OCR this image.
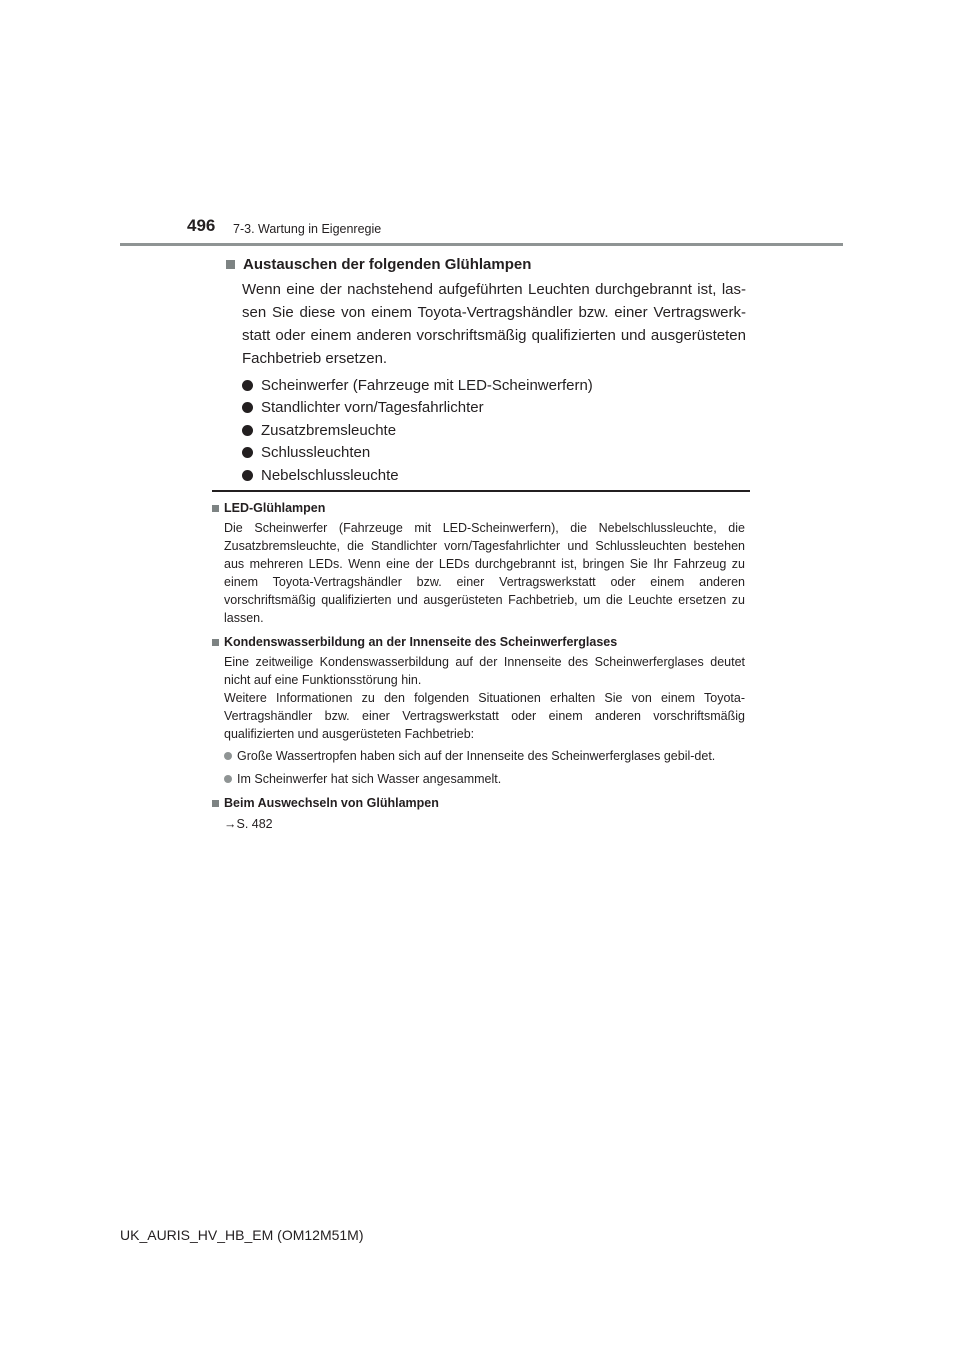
496 7-3. Wartung in Eigenregie
Austauschen der folgenden Glühlampen

Wenn eine der nachstehend aufgeführten Leuchten durchgebrannt ist, las-sen Sie diese von einem Toyota-Vertragshändler bzw. einer Vertragswerk-statt oder einem anderen vorschriftsmäßig qualifizierten und ausgerüsteten Fachbetrieb ersetzen.

Scheinwerfer (Fahrzeuge mit LED-Scheinwerfern)
Standlichter vorn/Tagesfahrlichter
Zusatzbremsleuchte
Schlussleuchten
Nebelschlussleuchte
LED-Glühlampen
Die Scheinwerfer (Fahrzeuge mit LED-Scheinwerfern), die Nebelschlussleuchte, die Zusatzbremsleuchte, die Standlichter vorn/Tagesfahrlichter und Schlussleuchten bestehen aus mehreren LEDs. Wenn eine der LEDs durchgebrannt ist, bringen Sie Ihr Fahrzeug zu einem Toyota-Vertragshändler bzw. einer Vertragswerkstatt oder einem anderen vorschriftsmäßig qualifizierten und ausgerüsteten Fachbetrieb, um die Leuchte ersetzen zu lassen.
Kondenswasserbildung an der Innenseite des Scheinwerferglases
Eine zeitweilige Kondenswasserbildung auf der Innenseite des Scheinwerferglases deutet nicht auf eine Funktionsstörung hin.
Weitere Informationen zu den folgenden Situationen erhalten Sie von einem Toyota-Vertragshändler bzw. einer Vertragswerkstatt oder einem anderen vorschriftsmäßig qualifizierten und ausgerüsteten Fachbetrieb:
Große Wassertropfen haben sich auf der Innenseite des Scheinwerferglases gebil-det.
Im Scheinwerfer hat sich Wasser angesammelt.
Beim Auswechseln von Glühlampen
→S. 482
UK_AURIS_HV_HB_EM (OM12M51M)
